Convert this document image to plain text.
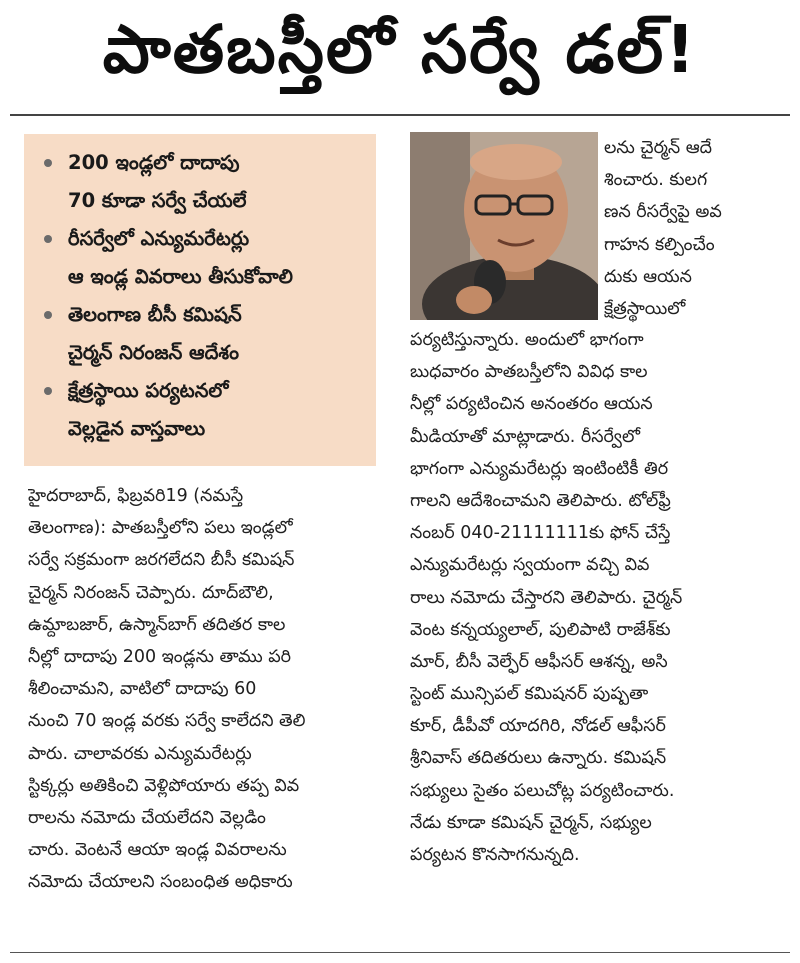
పాతబస్తీలో సర్వే డల్!
200 ఇండ్లలో దాదాపు
70 కూడా సర్వే చేయలే
రీసర్వేలో ఎన్యుమరేటర్లు
ఆ ఇండ్ల వివరాలు తీసుకోవాలి
తెలంగాణ బీసీ కమిషన్
చైర్మన్ నిరంజన్ ఆదేశం
క్షేత్రస్థాయి పర్యటనలో
వెల్లడైన వాస్తవాలు
హైదరాబాద్, ఫిబ్రవరి19 (నమస్తే
తెలంగాణ): పాతబస్తీలోని పలు ఇండ్లలో
సర్వే సక్రమంగా జరగలేదని బీసీ కమిషన్
చైర్మన్ నిరంజన్ చెప్పారు. దూద్‌బౌలి,
ఉమ్దాబజార్, ఉస్మాన్‌బాగ్ తదితర కాల
నీల్లో దాదాపు 200 ఇండ్లను తాము పరి
శీలించామని, వాటిలో దాదాపు 60
నుంచి 70 ఇండ్ల వరకు సర్వే కాలేదని తెలి
పారు. చాలావరకు ఎన్యుమరేటర్లు
స్టిక్కర్లు అతికించి వెళ్లిపోయారు తప్ప వివ
రాలను నమోదు చేయలేదని వెల్లడిం
చారు. వెంటనే ఆయా ఇండ్ల వివరాలను
నమోదు చేయాలని సంబంధిత అధికారు
లను చైర్మన్ ఆదే
శించారు. కులగ
ణన రీసర్వేపై అవ
గాహన కల్పించేం
దుకు ఆయన
క్షేత్రస్థాయిలో
పర్యటిస్తున్నారు. అందులో భాగంగా
బుధవారం పాతబస్తీలోని వివిధ కాల
నీల్లో పర్యటించిన అనంతరం ఆయన
మీడియాతో మాట్లాడారు. రీసర్వేలో
భాగంగా ఎన్యుమరేటర్లు ఇంటింటికీ తిర
గాలని ఆదేశించామని తెలిపారు. టోల్‌ఫ్రీ
నంబర్ 040-21111111కు ఫోన్ చేస్తే
ఎన్యుమరేటర్లు స్వయంగా వచ్చి వివ
రాలు నమోదు చేస్తారని తెలిపారు. చైర్మన్
వెంట కన్నయ్యలాల్, పులిపాటి రాజేశ్‌కు
మార్, బీసీ వెల్ఫేర్ ఆఫీసర్ ఆశన్న, అసి
స్టెంట్ మున్సిపల్ కమిషనర్ పుష్పతా
కూర్, డీపీవో యాదగిరి, నోడల్ ఆఫీసర్
శ్రీనివాస్ తదితరులు ఉన్నారు. కమిషన్
సభ్యులు సైతం పలుచోట్ల పర్యటించారు.
నేడు కూడా కమిషన్ చైర్మన్, సభ్యుల
పర్యటన కొనసాగనున్నది.
